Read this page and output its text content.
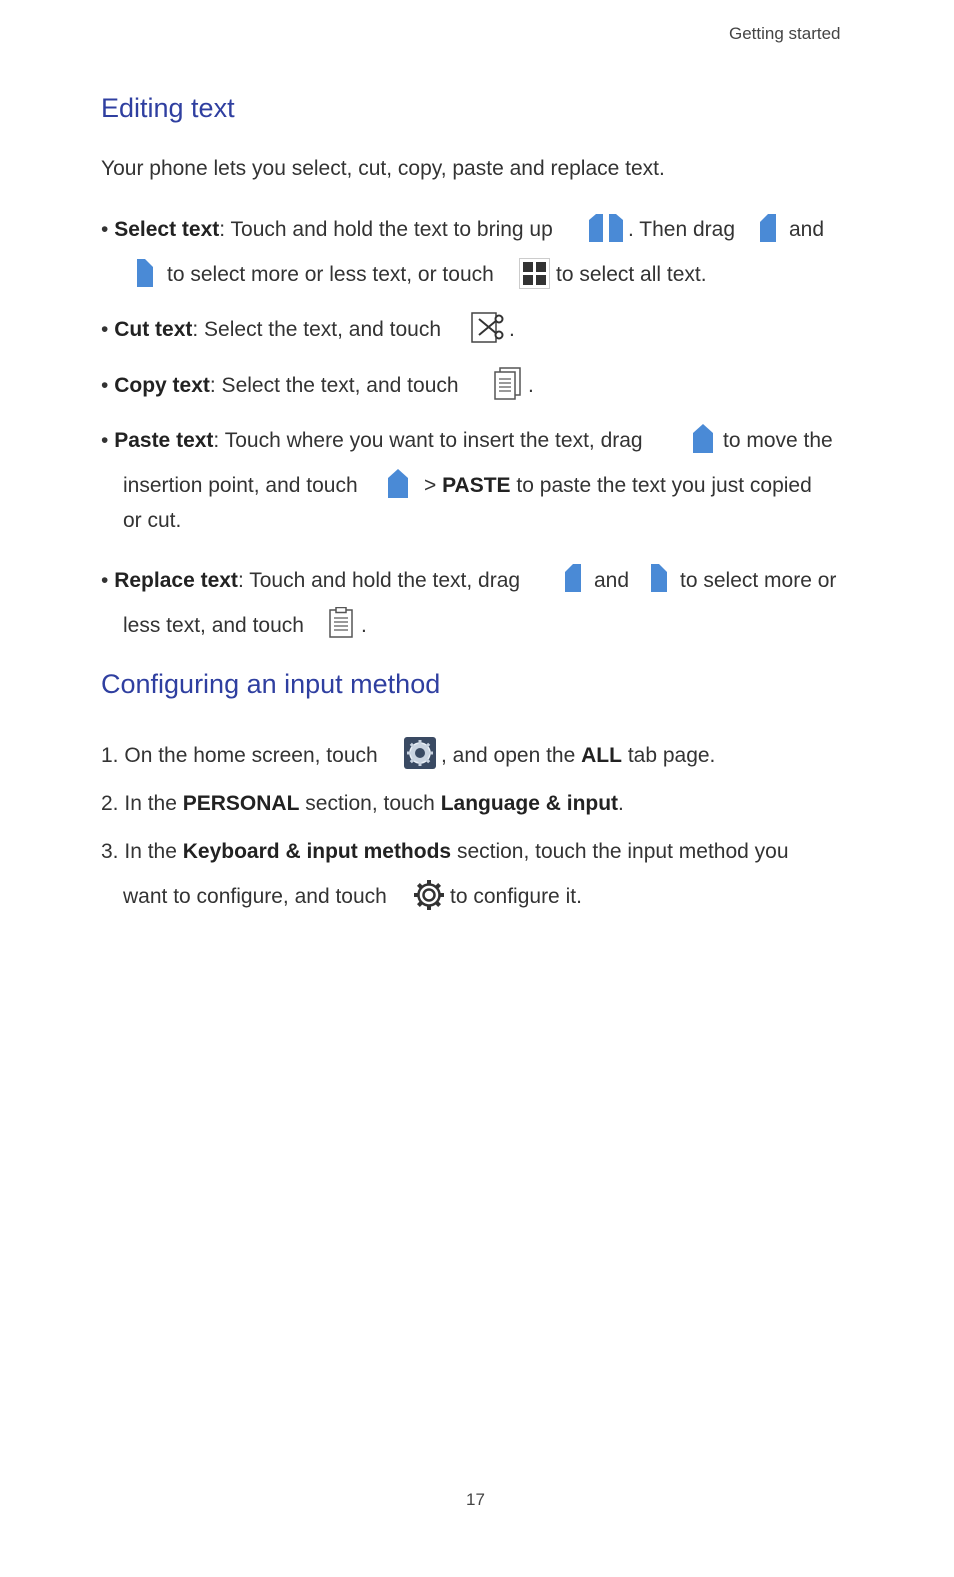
Getting started
Editing text
Your phone lets you select, cut, copy, paste and replace text.
• Select text: Touch and hold the text to bring up	. Then drag	and
to select more or less text, or touch	to select all text.
• Cut text: Select the text, and touch	.
• Copy text: Select the text, and touch	.
• Paste text: Touch where you want to insert the text, drag	to move the
insertion point, and touch	> PASTE to paste the text you just copied
or cut.
• Replace text: Touch and hold the text, drag	and to select more or
less text, and touch	.
Configuring an input method
1. On the home screen, touch	, and open the ALL tab page.
2. In the PERSONAL section, touch Language & input.
3. In the Keyboard & input methods section, touch the input method you
want to configure, and touch	to configure it.
17
